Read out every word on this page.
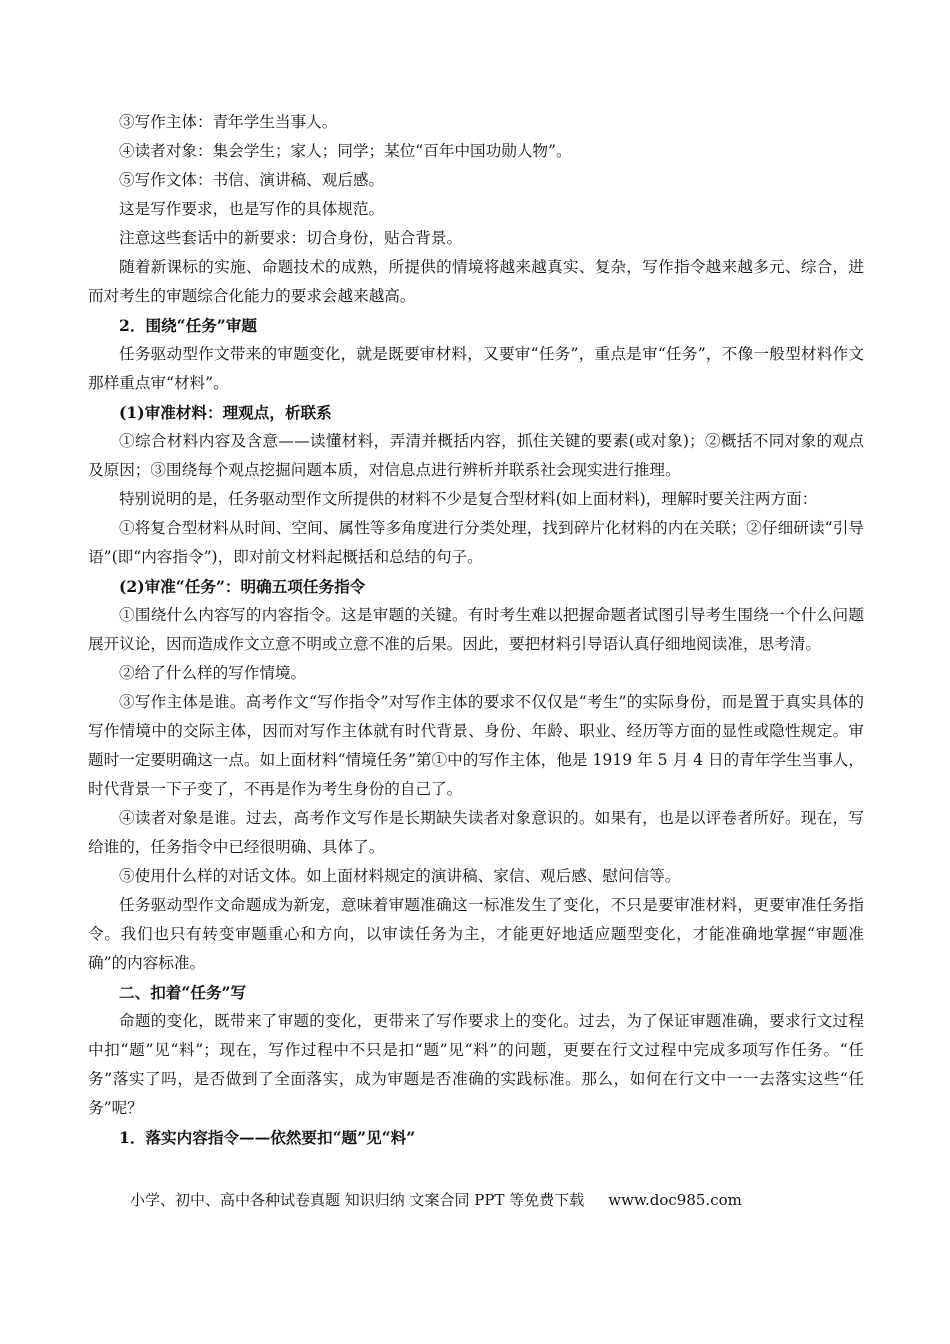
③写作主体：青年学生当事人。

④读者对象：集会学生；家人；同学；某位“百年中国功勋人物”。

⑤写作文体：书信、演讲稿、观后感。

这是写作要求，也是写作的具体规范。

注意这些套话中的新要求：切合身份，贴合背景。

随着新课标的实施、命题技术的成熟，所提供的情境将越来越真实、复杂，写作指令越来越多元、综合，进而对考生的审题综合化能力的要求会越来越高。

2．围绕“任务”审题

任务驱动型作文带来的审题变化，就是既要审材料，又要审“任务”，重点是审“任务”，不像一般型材料作文那样重点审“材料”。

(1)审准材料：理观点，析联系

①综合材料内容及含意——读懂材料，弄清并概括内容，抓住关键的要素(或对象)；②概括不同对象的观点及原因；③围绕每个观点挖掘问题本质，对信息点进行辨析并联系社会现实进行推理。

特别说明的是，任务驱动型作文所提供的材料不少是复合型材料(如上面材料)，理解时要关注两方面：

①将复合型材料从时间、空间、属性等多角度进行分类处理，找到碎片化材料的内在关联；②仔细研读“引导语”(即“内容指令”)，即对前文材料起概括和总结的句子。

(2)审准“任务”：明确五项任务指令

①围绕什么内容写的内容指令。这是审题的关键。有时考生难以把握命题者试图引导考生围绕一个什么问题展开议论，因而造成作文立意不明或立意不准的后果。因此，要把材料引导语认真仔细地阅读准，思考清。

②给了什么样的写作情境。

③写作主体是谁。高考作文“写作指令”对写作主体的要求不仅仅是“考生”的实际身份，而是置于真实具体的写作情境中的交际主体，因而对写作主体就有时代背景、身份、年龄、职业、经历等方面的显性或隐性规定。审题时一定要明确这一点。如上面材料“情境任务”第①中的写作主体，他是 1919 年 5 月 4 日的青年学生当事人，时代背景一下子变了，不再是作为考生身份的自己了。

④读者对象是谁。过去，高考作文写作是长期缺失读者对象意识的。如果有，也是以评卷者所好。现在，写给谁的，任务指令中已经很明确、具体了。

⑤使用什么样的对话文体。如上面材料规定的演讲稿、家信、观后感、慰问信等。

任务驱动型作文命题成为新宠，意味着审题准确这一标准发生了变化，不只是要审准材料，更要审准任务指令。我们也只有转变审题重心和方向，以审读任务为主，才能更好地适应题型变化，才能准确地掌握“审题准确”的内容标准。

二、扣着“任务”写

命题的变化，既带来了审题的变化，更带来了写作要求上的变化。过去，为了保证审题准确，要求行文过程中扣“题”见“料”；现在，写作过程中不只是扣“题”见“料”的问题，更要在行文过程中完成多项写作任务。“任务”落实了吗，是否做到了全面落实，成为审题是否准确的实践标准。那么，如何在行文中一一去落实这些“任务”呢？

1．落实内容指令——依然要扣“题”见“料”

小学、初中、高中各种试卷真题 知识归纳 文案合同 PPT 等免费下载 www.doc985.com
